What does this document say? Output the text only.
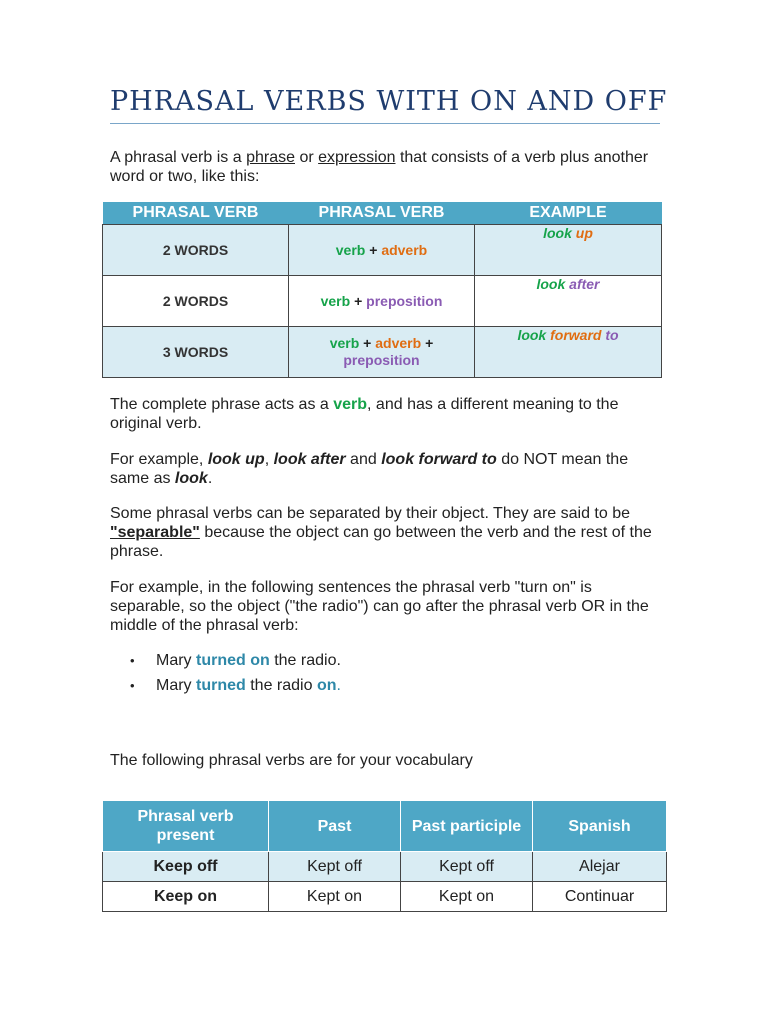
PHRASAL VERBS WITH ON AND OFF

A phrasal verb is a phrase or expression that consists of a verb plus another word or two, like this:

PHRASAL VERB	PHRASAL VERB	EXAMPLE
2 WORDS	verb + adverb	look up
2 WORDS	verb + preposition	look after
3 WORDS	verb + adverb +
preposition	look forward to

The complete phrase acts as a verb, and has a different meaning to the original verb.

For example, look up, look after and look forward to do NOT mean the same as look.

Some phrasal verbs can be separated by their object. They are said to be "separable" because the object can go between the verb and the rest of the phrase.

For example, in the following sentences the phrasal verb "turn on" is separable, so the object ("the radio") can go after the phrasal verb OR in the middle of the phrasal verb:

• Mary turned on the radio.
• Mary turned the radio on.

The following phrasal verbs are for your vocabulary

Phrasal verb present	Past	Past participle	Spanish
Keep off	Kept off	Kept off	Alejar
Keep on	Kept on	Kept on	Continuar
